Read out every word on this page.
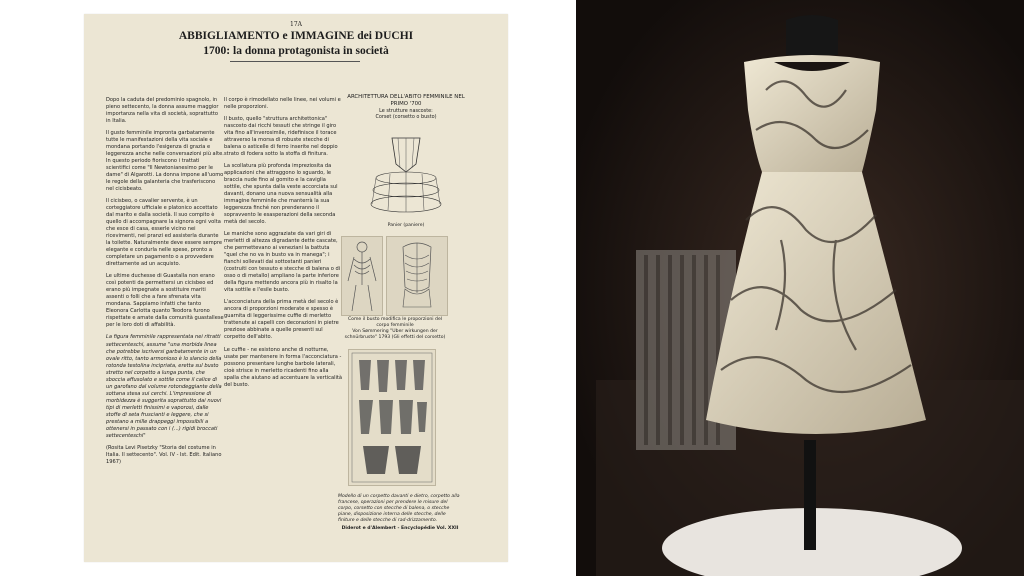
17A
ABBIGLIAMENTO e IMMAGINE dei DUCHI
1700: la donna protagonista in società

Dopo la caduta del predominio spagnolo, in pieno settecento, la donna assume maggior importanza nella vita di società, soprattutto in Italia.

Il gusto femminile impronta garbatamente tutte le manifestazioni della vita sociale e mondana portando l'esigenza di grazia e leggerezza anche nelle conversazioni più alte. In questo periodo fioriscono i trattati scientifici come "Il Newtonianesimo per le dame" di Algarotti. La donna impone all'uomo le regole della galanteria che trasferiscono nel cicisbeato.

Il cicisbeo, o cavalier servente, è un corteggiatore ufficiale e platonico accettato dal marito e dalla società. Il suo compito è quello di accompagnare la signora ogni volta che esce di casa, esserle vicino nei ricevimenti, nei pranzi ed assisterla durante la toilette. Naturalmente deve essere sempre elegante e condurla nelle spese, pronto a completare un pagamento o a provvedere direttamente ad un acquisto.

Le ultime duchesse di Guastalla non erano così potenti da permettersi un cicisbeo ed erano più impegnate a sostituire mariti assenti o folli che a fare sfrenata vita mondana. Sappiamo infatti che tanto Eleonora Carlotta quanto Teodora furono rispettate e amate dalla comunità guastallese per le loro doti di affabilità.

La figura femminile rappresentata nei ritratti settecenteschi, assume "una morbida linea che potrebbe iscriversi garbatamente in un ovale ritto, tanto armonioso è lo slancio della rotonda testolina incipriata, eretta sul busto stretto nel corpetto a lunga punta, che sboccia affusolato e sottile come il calice di un garofano dal volume rotondeggiante della sottana stesa sui cerchi. L'impressione di morbidezza è suggerita soprattutto dai nuovi tipi di merletti finissimi e vaporosi, dalle stoffe di seta fruscianti e leggere, che si prestano a mille drappeggi impossibili a ottenersi in passato con i (...) rigidi broccati settecenteschi"

(Rosita Levi Pisetzky "Storia del costume in Italia. Il settecento". Vol. IV - Ist. Edit. Italiano 1967)

Il corpo è rimodellato nelle linee, nei volumi e nelle proporzioni.

Il busto, quello "struttura architettonica" nascosto dai ricchi tessuti che stringe il giro vita fino all'inverosimile, ridefinisce il torace attraverso la morsa di robuste stecche di balena o asticelle di ferro inserite nel doppio strato di fodera sotto la stoffa di finitura.

La scollatura più profonda impreziosita da applicazioni che attraggono lo sguardo, le braccia nude fino al gomito e la caviglia sottile, che spunta dalla veste accorciata sul davanti, donano una nuova sensualità alla immagine femminile che manterrà la sua leggerezza finché non prenderanno il sopravvento le esasperazioni della seconda metà del secolo.

Le maniche sono aggraziate da vari giri di merletti di altezza digradante dette cascate, che permettevano ai veneziani la battuta "quel che no va in busto va in manega"; i fianchi sollevati dai sottostanti panieri (costruiti con tessuto e stecche di balena o di osso o di metallo) ampliano la parte inferiore della figura mettendo ancora più in risalto la vita sottile e l'esile busto.

L'acconciatura della prima metà del secolo è ancora di proporzioni moderate e spesso è guarnita di leggerissime cuffie di merletto trattenute ai capelli con decorazioni in pietre preziose abbinate a quelle presenti sul corpetto dell'abito.

Le cuffie - ne esistono anche di notturne, usate per mantenere in forma l'acconciatura - possono presentare lunghe barbole laterali, cioè strisce in merletto ricadenti fino alla spalla che aiutano ad accentuare la verticalità del busto.

ARCHITETTURA DELL'ABITO FEMMINILE NEL PRIMO '700
Le strutture nascoste:
Corset (corsetto o busto)
Panier (paniere)
Come il busto modifica le proporzioni del corpo femminile
Von Sømmering "Uber wirkungen der schnürbruste" 1793 (Gli effetti del corsetto)
Modello di un corpetto davanti e dietro, corpetto alla francese, operazioni per prendere le misure del corpo, corsetto con stecche di balena, o stecche piane, disposizione interna delle stecche, delle finiture e delle stecche di rad-drizzamento.
Diderot e d'Alembert - Encyclopédie Vol. XXII
